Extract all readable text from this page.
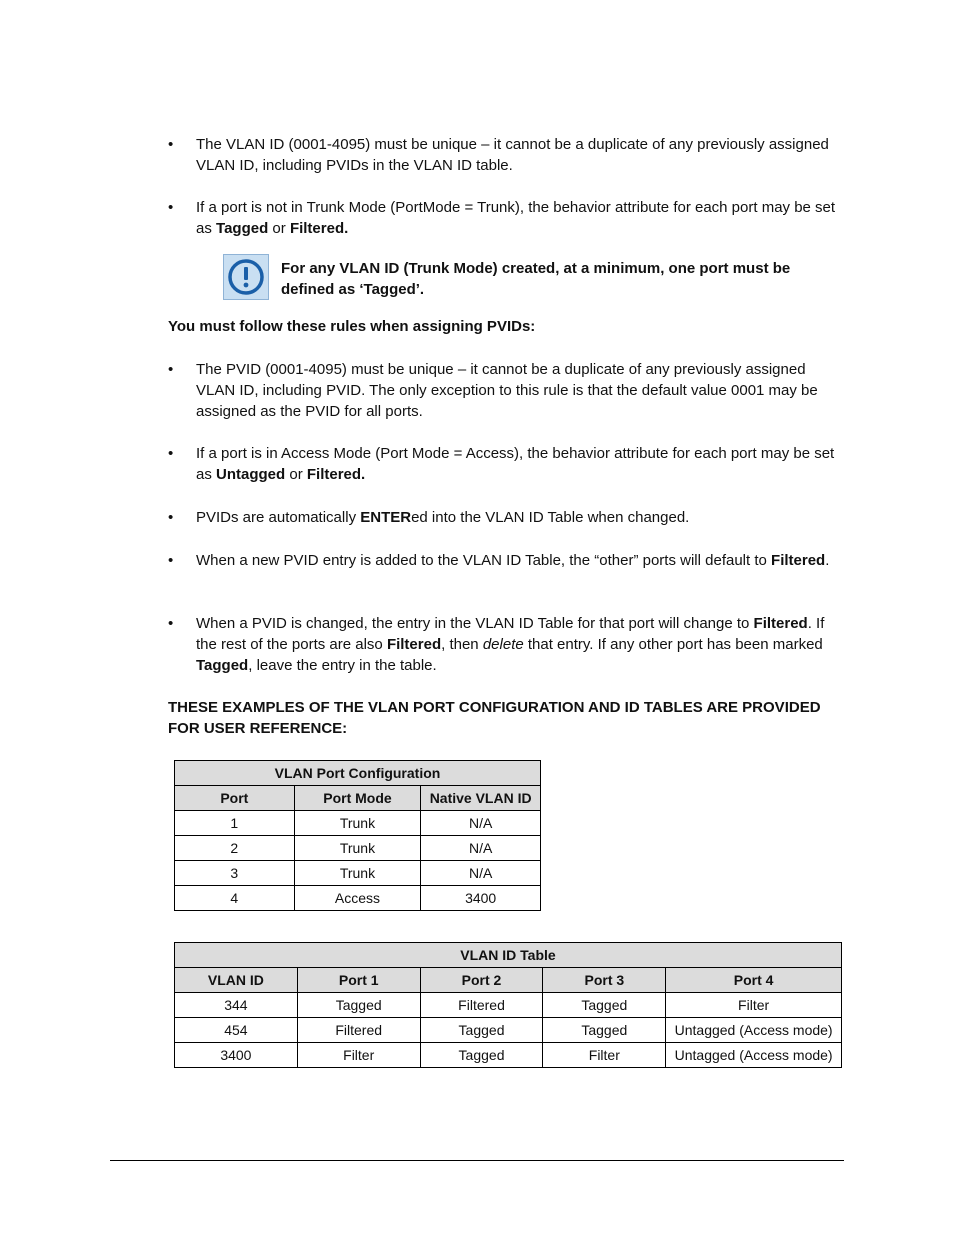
•	The VLAN ID (0001-4095) must be unique – it cannot be a duplicate of any previously assigned VLAN ID, including PVIDs in the VLAN ID table.
•	If a port is not in Trunk Mode (PortMode = Trunk), the behavior attribute for each port may be set as Tagged or Filtered.
For any VLAN ID (Trunk Mode) created, at a minimum, one port must be defined as ‘Tagged’.
You must follow these rules when assigning PVIDs:
•	The PVID (0001-4095) must be unique – it cannot be a duplicate of any previously assigned VLAN ID, including PVID. The only exception to this rule is that the default value 0001 may be assigned as the PVID for all ports.
•	If a port is in Access Mode (Port Mode = Access), the behavior attribute for each port may be set as Untagged or Filtered.
•	PVIDs are automatically ENTERed into the VLAN ID Table when changed.
•	When a new PVID entry is added to the VLAN ID Table, the “other” ports will default to Filtered.
•	When a PVID is changed, the entry in the VLAN ID Table for that port will change to Filtered. If the rest of the ports are also Filtered, then delete that entry. If any other port has been marked Tagged, leave the entry in the table.
THESE EXAMPLES OF THE VLAN PORT CONFIGURATION AND ID TABLES ARE PROVIDED FOR USER REFERENCE:
VLAN Port Configuration		
Port	Port Mode	Native VLAN ID
1	Trunk	N/A
2	Trunk	N/A
3	Trunk	N/A
4	Access	3400
VLAN ID Table				
VLAN ID	Port 1	Port 2	Port 3	Port 4
344	Tagged	Filtered	Tagged	Filter
454	Filtered	Tagged	Tagged	Untagged (Access mode)
3400	Filter	Tagged	Filter	Untagged (Access mode)
